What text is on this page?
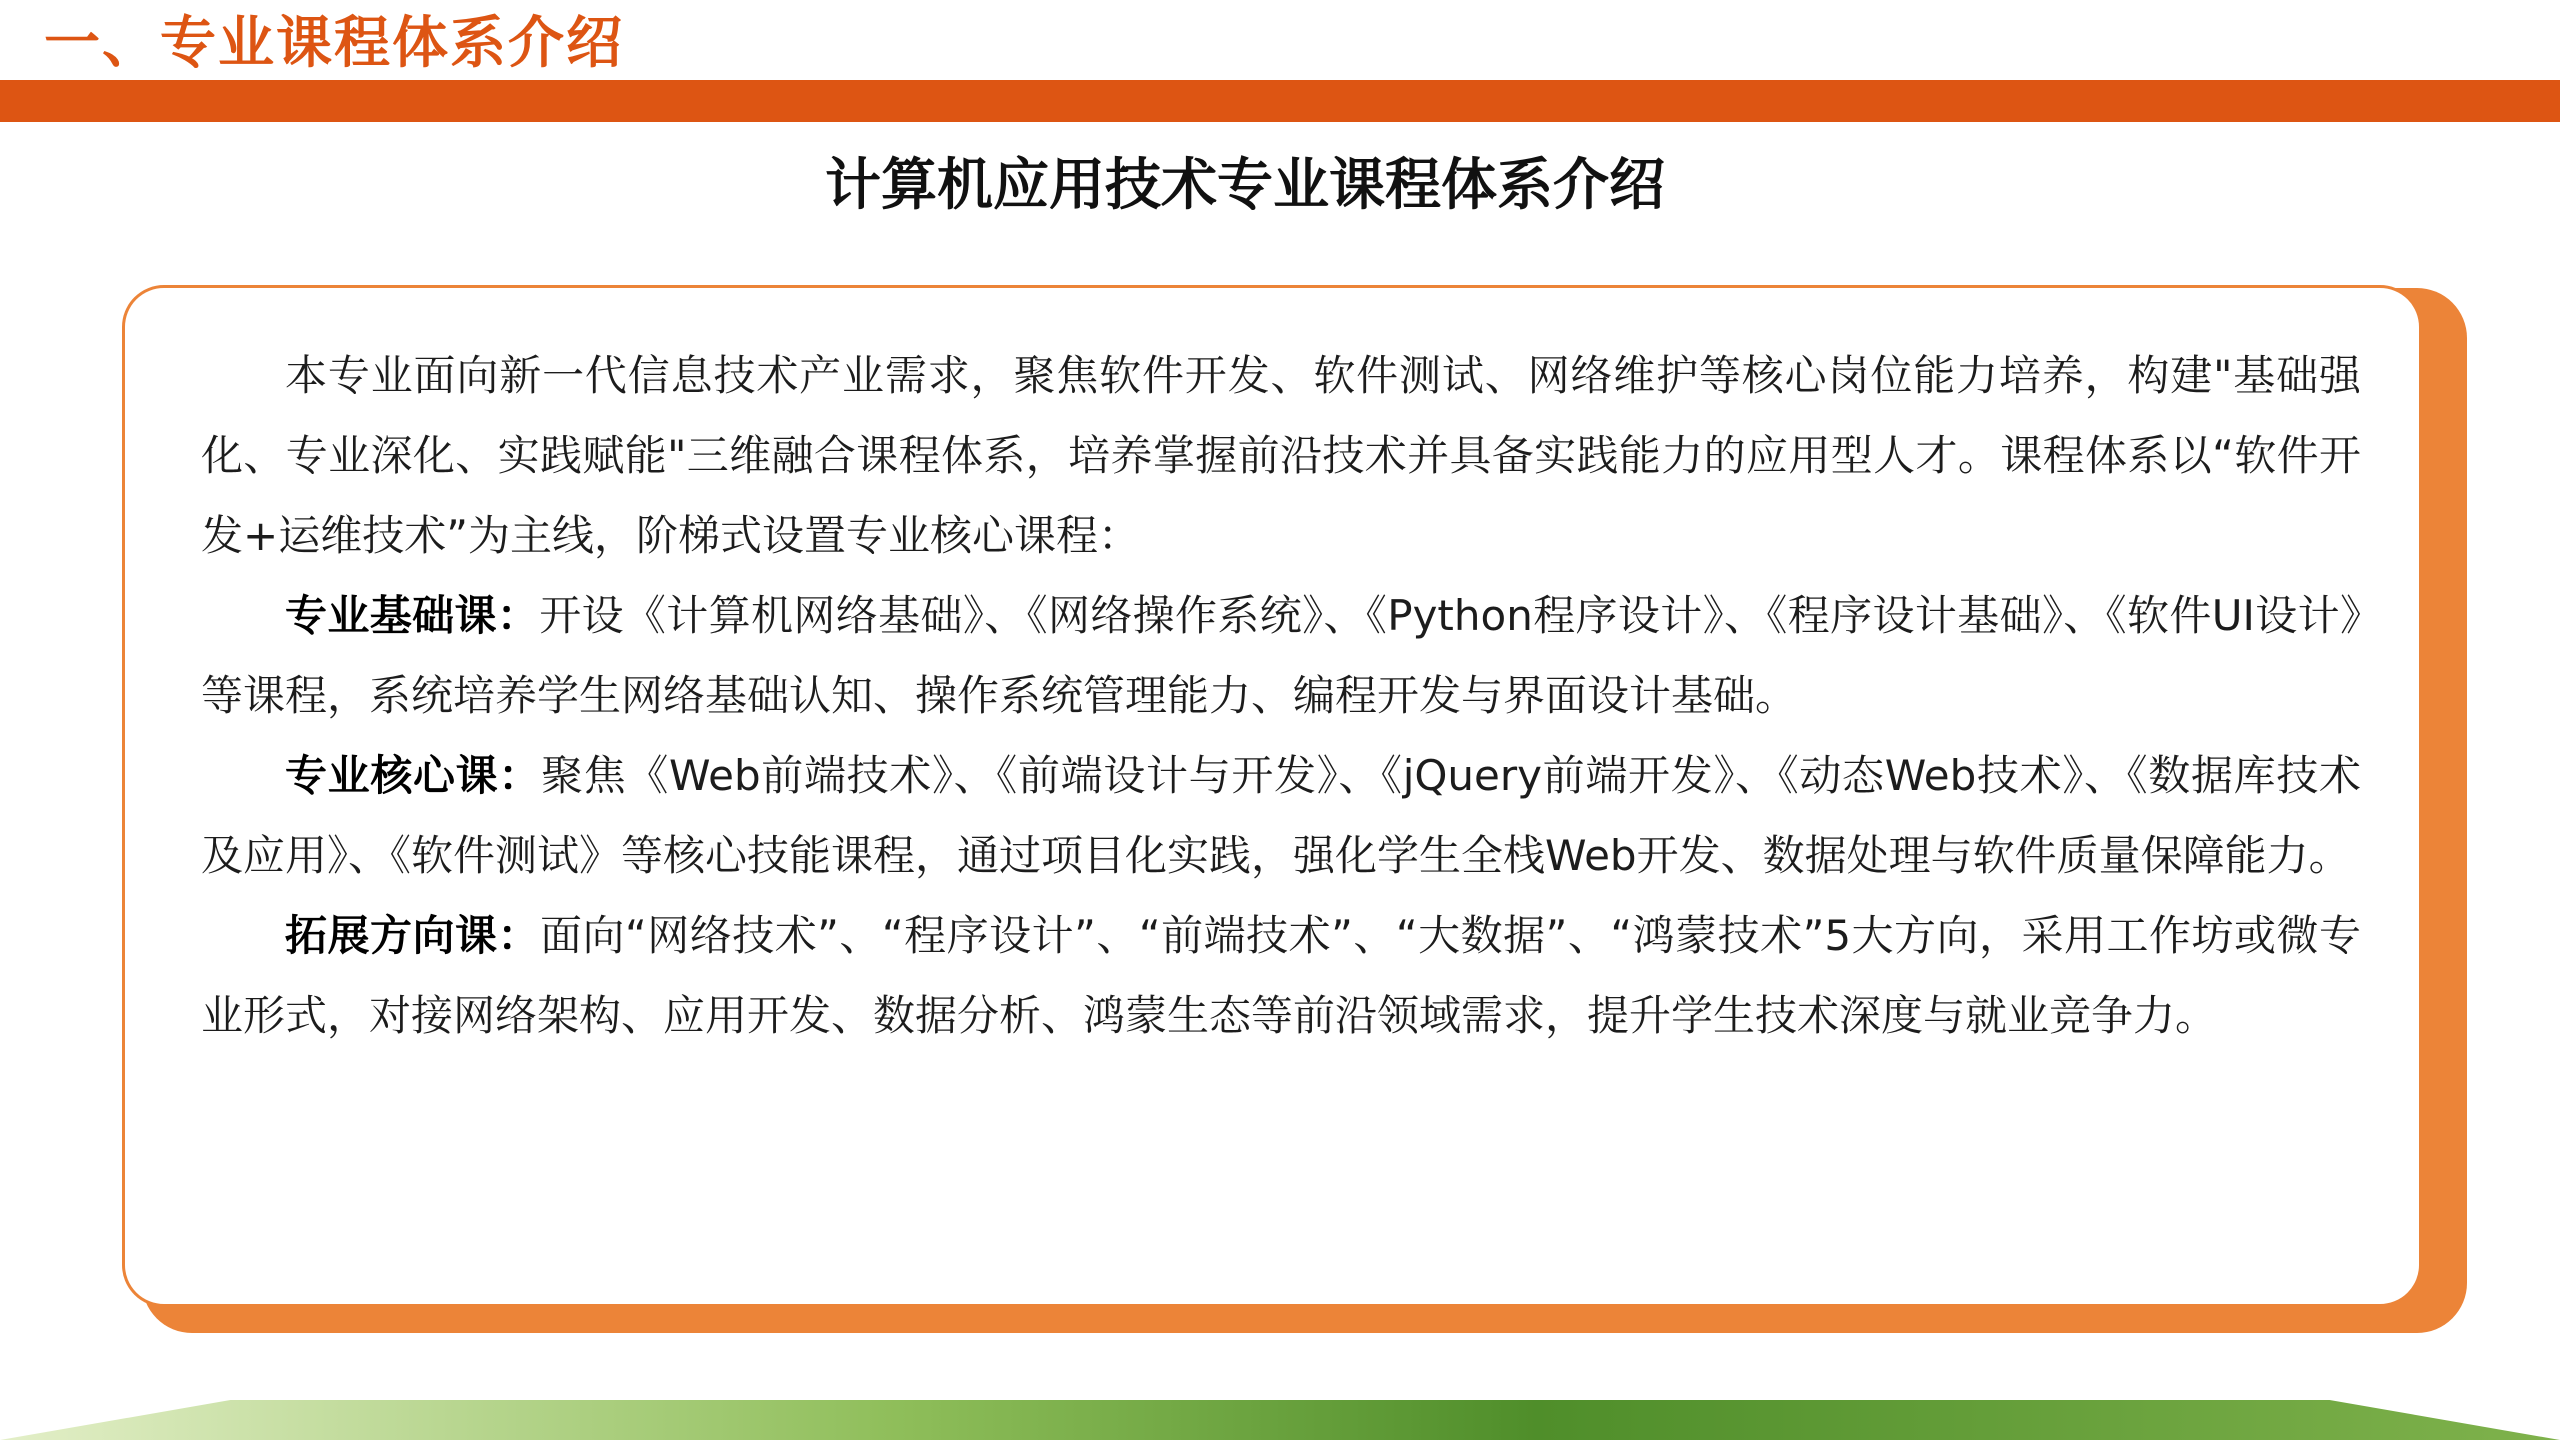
一、专业课程体系介绍
计算机应用技术专业课程体系介绍

本专业面向新一代信息技术产业需求，聚焦软件开发、软件测试、网络维护等核心岗位能力培养，构建"基础强化、专业深化、实践赋能"三维融合课程体系，培养掌握前沿技术并具备实践能力的应用型人才。课程体系以“软件开发+运维技术”为主线，阶梯式设置专业核心课程：

专业基础课：开设《计算机网络基础》、《网络操作系统》、《Python程序设计》、《程序设计基础》、《软件UI设计》等课程，系统培养学生网络基础认知、操作系统管理能力、编程开发与界面设计基础。

专业核心课：聚焦《Web前端技术》、《前端设计与开发》、《jQuery前端开发》、《动态Web技术》、《数据库技术及应用》、《软件测试》等核心技能课程，通过项目化实践，强化学生全栈Web开发、数据处理与软件质量保障能力。

拓展方向课：面向“网络技术”、“程序设计”、“前端技术”、“大数据”、“鸿蒙技术”5大方向，采用工作坊或微专业形式，对接网络架构、应用开发、数据分析、鸿蒙生态等前沿领域需求，提升学生技术深度与就业竞争力。
